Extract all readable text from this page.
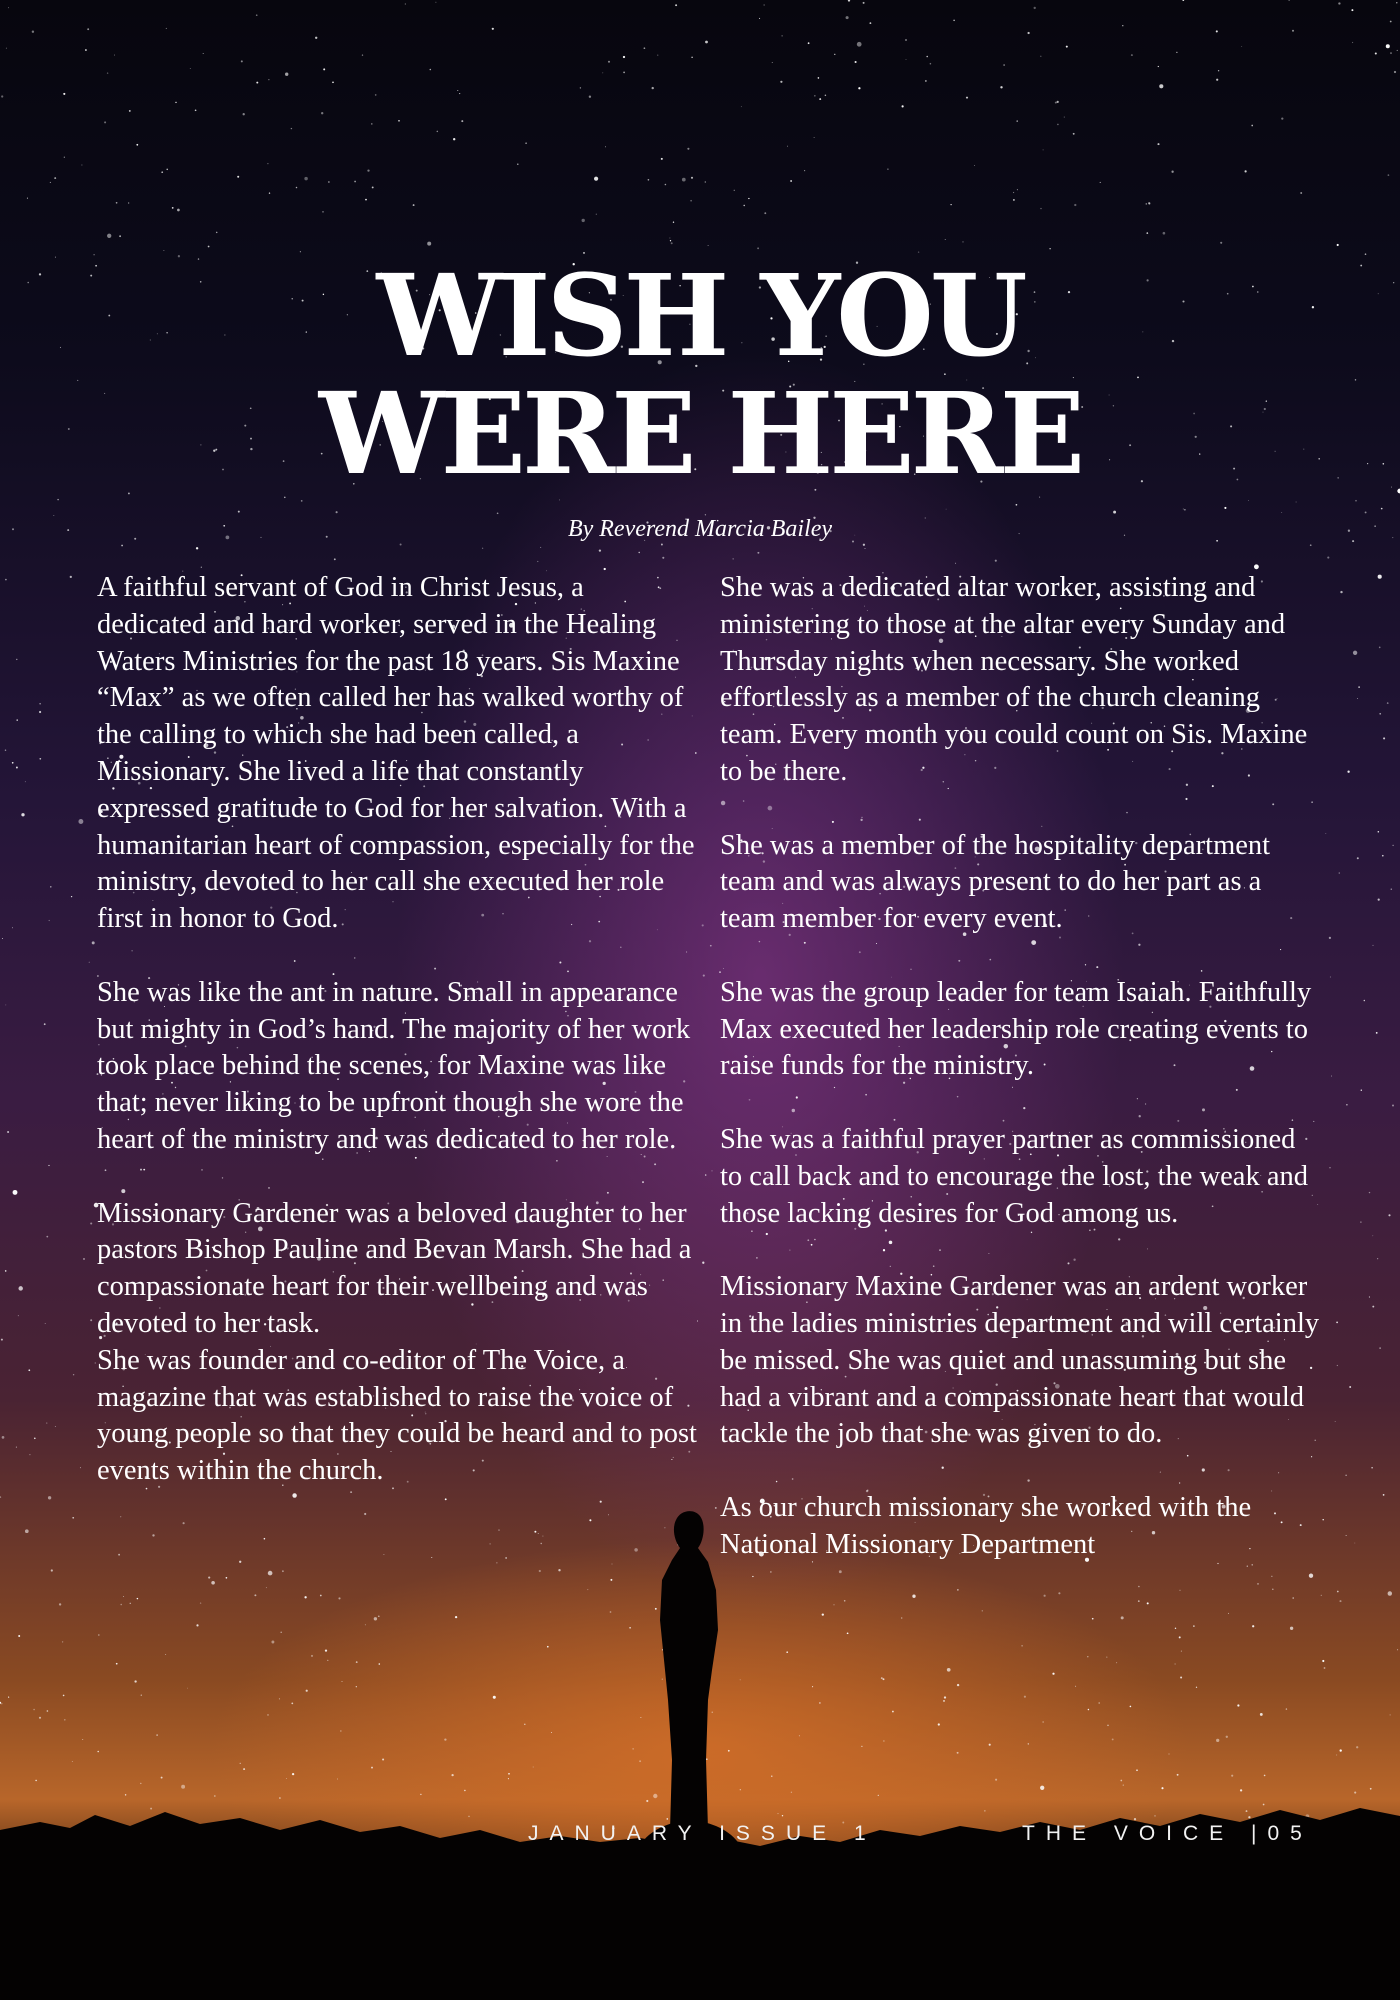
WISH YOU
WERE HERE

By Reverend Marcia Bailey

A faithful servant of God in Christ Jesus, a dedicated and hard worker, served in the Healing Waters Ministries for the past 18 years. Sis Maxine “Max” as we often called her has walked worthy of the calling to which she had been called, a Missionary. She lived a life that constantly expressed gratitude to God for her salvation. With a humanitarian heart of compassion, especially for the ministry, devoted to her call she executed her role first in honor to God.

She was like the ant in nature. Small in appearance but mighty in God’s hand. The majority of her work took place behind the scenes, for Maxine was like that; never liking to be upfront though she wore the heart of the ministry and was dedicated to her role.

Missionary Gardener was a beloved daughter to her pastors Bishop Pauline and Bevan Marsh. She had a compassionate heart for their wellbeing and was devoted to her task.

She was founder and co-editor of The Voice, a magazine that was established to raise the voice of young people so that they could be heard and to post events within the church.

She was a dedicated altar worker, assisting and ministering to those at the altar every Sunday and Thursday nights when necessary. She worked effortlessly as a member of the church cleaning team. Every month you could count on Sis. Maxine to be there.

She was a member of the hospitality department team and was always present to do her part as a team member for every event.

She was the group leader for team Isaiah. Faithfully Max executed her leadership role creating events to raise funds for the ministry.

She was a faithful prayer partner as commissioned to call back and to encourage the lost, the weak and those lacking desires for God among us.

Missionary Maxine Gardener was an ardent worker in the ladies ministries department and will certainly be missed. She was quiet and unassuming but she had a vibrant and a compassionate heart that would tackle the job that she was given to do.

As our church missionary she worked with the National Missionary Department

JANUARY ISSUE 1	THE VOICE |05
